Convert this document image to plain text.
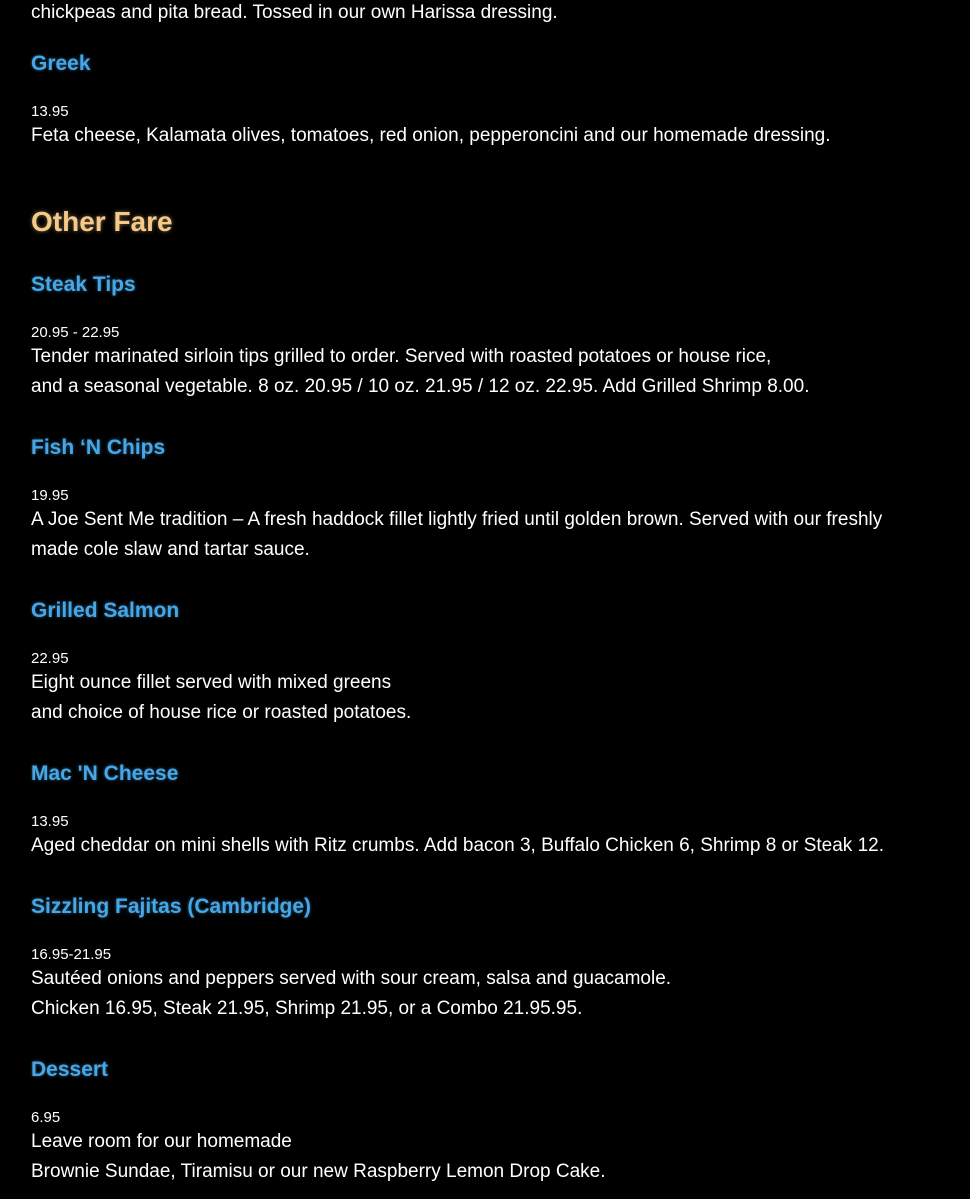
chickpeas and pita bread. Tossed in our own Harissa dressing.
Greek
13.95
Feta cheese, Kalamata olives, tomatoes, red onion, pepperoncini and our homemade dressing.
Other Fare
Steak Tips
20.95 - 22.95
Tender marinated sirloin tips grilled to order. Served with roasted potatoes or house rice,
and a seasonal vegetable. 8 oz. 20.95 / 10 oz. 21.95 / 12 oz. 22.95. Add Grilled Shrimp 8.00.
Fish ‘N Chips
19.95
A Joe Sent Me tradition – A fresh haddock fillet lightly fried until golden brown. Served with our freshly
made cole slaw and tartar sauce.
Grilled Salmon
22.95
Eight ounce fillet served with mixed greens
and choice of house rice or roasted potatoes.
Mac 'N Cheese
13.95
Aged cheddar on mini shells with Ritz crumbs. Add bacon 3, Buffalo Chicken 6, Shrimp 8 or Steak 12.
Sizzling Fajitas (Cambridge)
16.95-21.95
Sautéed onions and peppers served with sour cream, salsa and guacamole.
Chicken 16.95, Steak 21.95, Shrimp 21.95, or a Combo 21.95.95.
Dessert
6.95
Leave room for our homemade
Brownie Sundae, Tiramisu or our new Raspberry Lemon Drop Cake.
